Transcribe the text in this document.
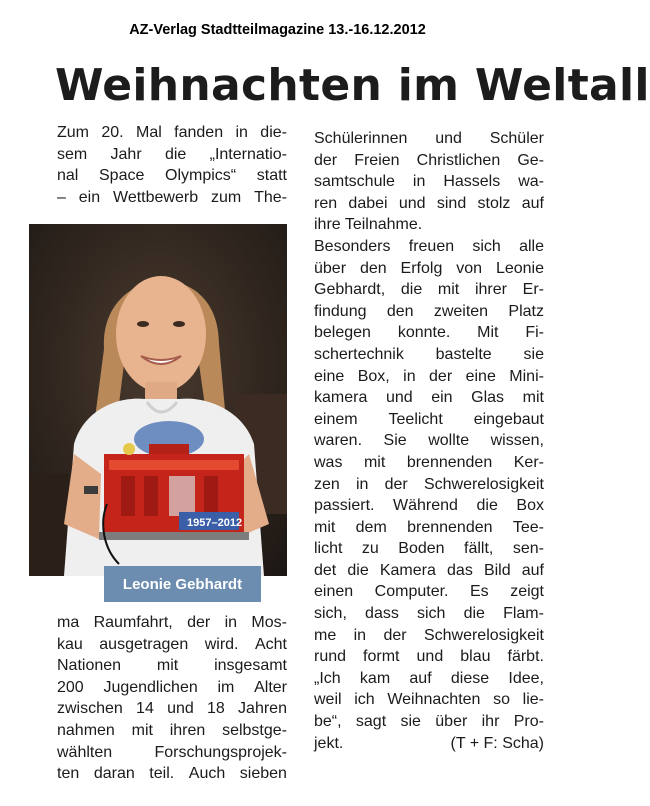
AZ-Verlag Stadtteilmagazine 13.-16.12.2012
Weihnachten im Weltall
Zum 20. Mal fanden in die-
sem Jahr die „Internatio-
nal Space Olympics“ statt
– ein Wettbewerb zum The-
1957–2012
Leonie Gebhardt
ma Raumfahrt, der in Mos-
kau ausgetragen wird. Acht
Nationen mit insgesamt
200 Jugendlichen im Alter
zwischen 14 und 18 Jahren
nahmen mit ihren selbstge-
wählten	Forschungsprojek-
ten daran teil. Auch sieben
Schülerinnen und Schüler
der Freien Christlichen Ge-
samtschule in Hassels wa-
ren dabei und sind stolz auf
ihre Teilnahme.
Besonders freuen sich alle
über den Erfolg von Leonie
Gebhardt, die mit ihrer Er-
findung den zweiten Platz
belegen konnte. Mit Fi-
schertechnik bastelte sie
eine Box, in der eine Mini-
kamera und ein Glas mit
einem Teelicht eingebaut
waren. Sie wollte wissen,
was mit brennenden Ker-
zen in der Schwerelosigkeit
passiert. Während die Box
mit dem brennenden Tee-
licht zu Boden fällt, sen-
det die Kamera das Bild auf
einen Computer. Es zeigt
sich, dass sich die Flam-
me in der Schwerelosigkeit
rund formt und blau färbt.
„Ich kam auf diese Idee,
weil ich Weihnachten so lie-
be“, sagt sie über ihr Pro-
jekt.	(T + F: Scha)
